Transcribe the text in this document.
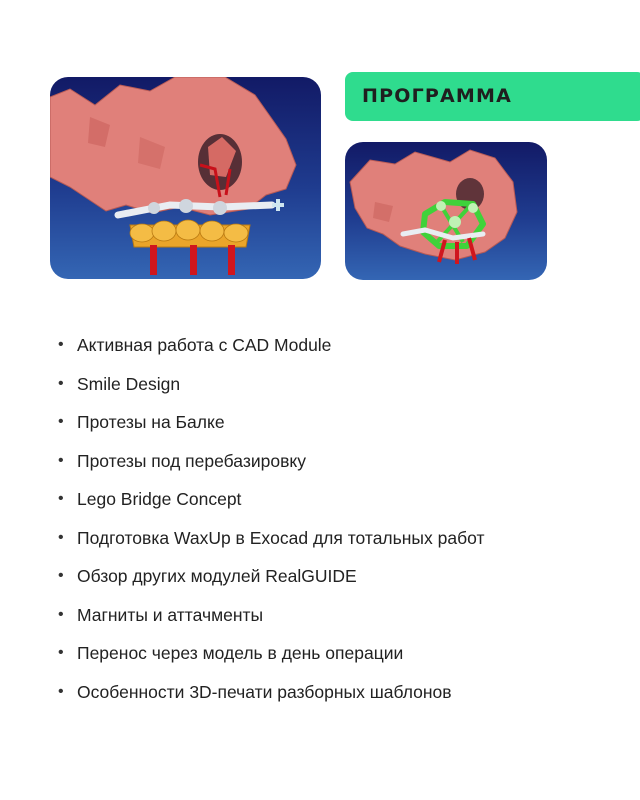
ПРОГРАММА
• Активная работа с CAD Module
• Smile Design
• Протезы на Балке
• Протезы под перебазировку
• Lego Bridge Concept
• Подготовка WaxUp в Exocad для тотальных работ
• Обзор других модулей RealGUIDE
• Магниты и аттачменты
• Перенос через модель в день операции
• Особенности 3D-печати разборных шаблонов
